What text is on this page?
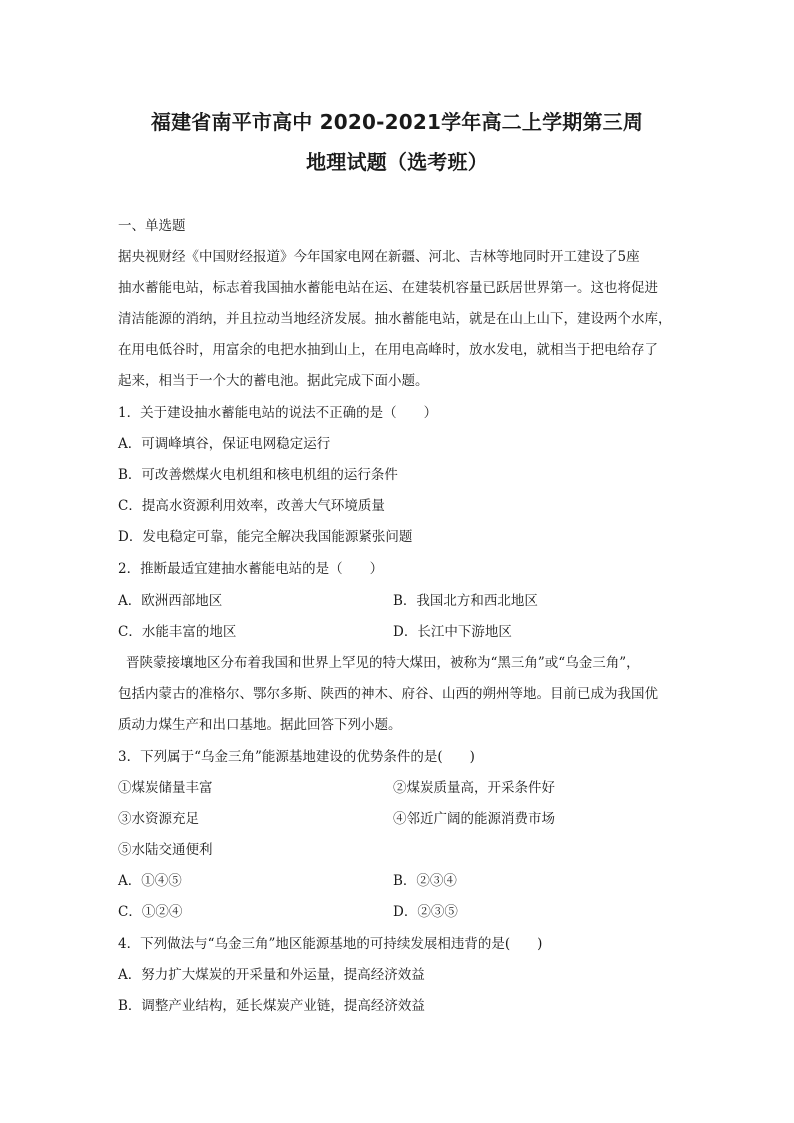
福建省南平市高中 2020-2021学年高二上学期第三周
地理试题（选考班）
一、单选题
据央视财经《中国财经报道》今年国家电网在新疆、河北、吉林等地同时开工建设了5座
抽水蓄能电站，标志着我国抽水蓄能电站在运、在建装机容量已跃居世界第一。这也将促进
清洁能源的消纳，并且拉动当地经济发展。抽水蓄能电站，就是在山上山下，建设两个水库，
在用电低谷时，用富余的电把水抽到山上，在用电高峰时，放水发电，就相当于把电给存了
起来，相当于一个大的蓄电池。据此完成下面小题。
1．关于建设抽水蓄能电站的说法不正确的是（　　）
A．可调峰填谷，保证电网稳定运行
B．可改善燃煤火电机组和核电机组的运行条件
C．提高水资源利用效率，改善大气环境质量
D．发电稳定可靠，能完全解决我国能源紧张问题
2．推断最适宜建抽水蓄能电站的是（　　）
A．欧洲西部地区	B．我国北方和西北地区
C．水能丰富的地区	D．长江中下游地区
晋陕蒙接壤地区分布着我国和世界上罕见的特大煤田，被称为“黑三角”或“乌金三角”，
包括内蒙古的准格尔、鄂尔多斯、陕西的神木、府谷、山西的朔州等地。目前已成为我国优
质动力煤生产和出口基地。据此回答下列小题。
3．下列属于“乌金三角”能源基地建设的优势条件的是(　　)
①煤炭储量丰富	②煤炭质量高，开采条件好
③水资源充足	④邻近广阔的能源消费市场
⑤水陆交通便利
A．①④⑤	B．②③④
C．①②④	D．②③⑤
4．下列做法与“乌金三角”地区能源基地的可持续发展相违背的是(　　)
A．努力扩大煤炭的开采量和外运量，提高经济效益
B．调整产业结构，延长煤炭产业链，提高经济效益
